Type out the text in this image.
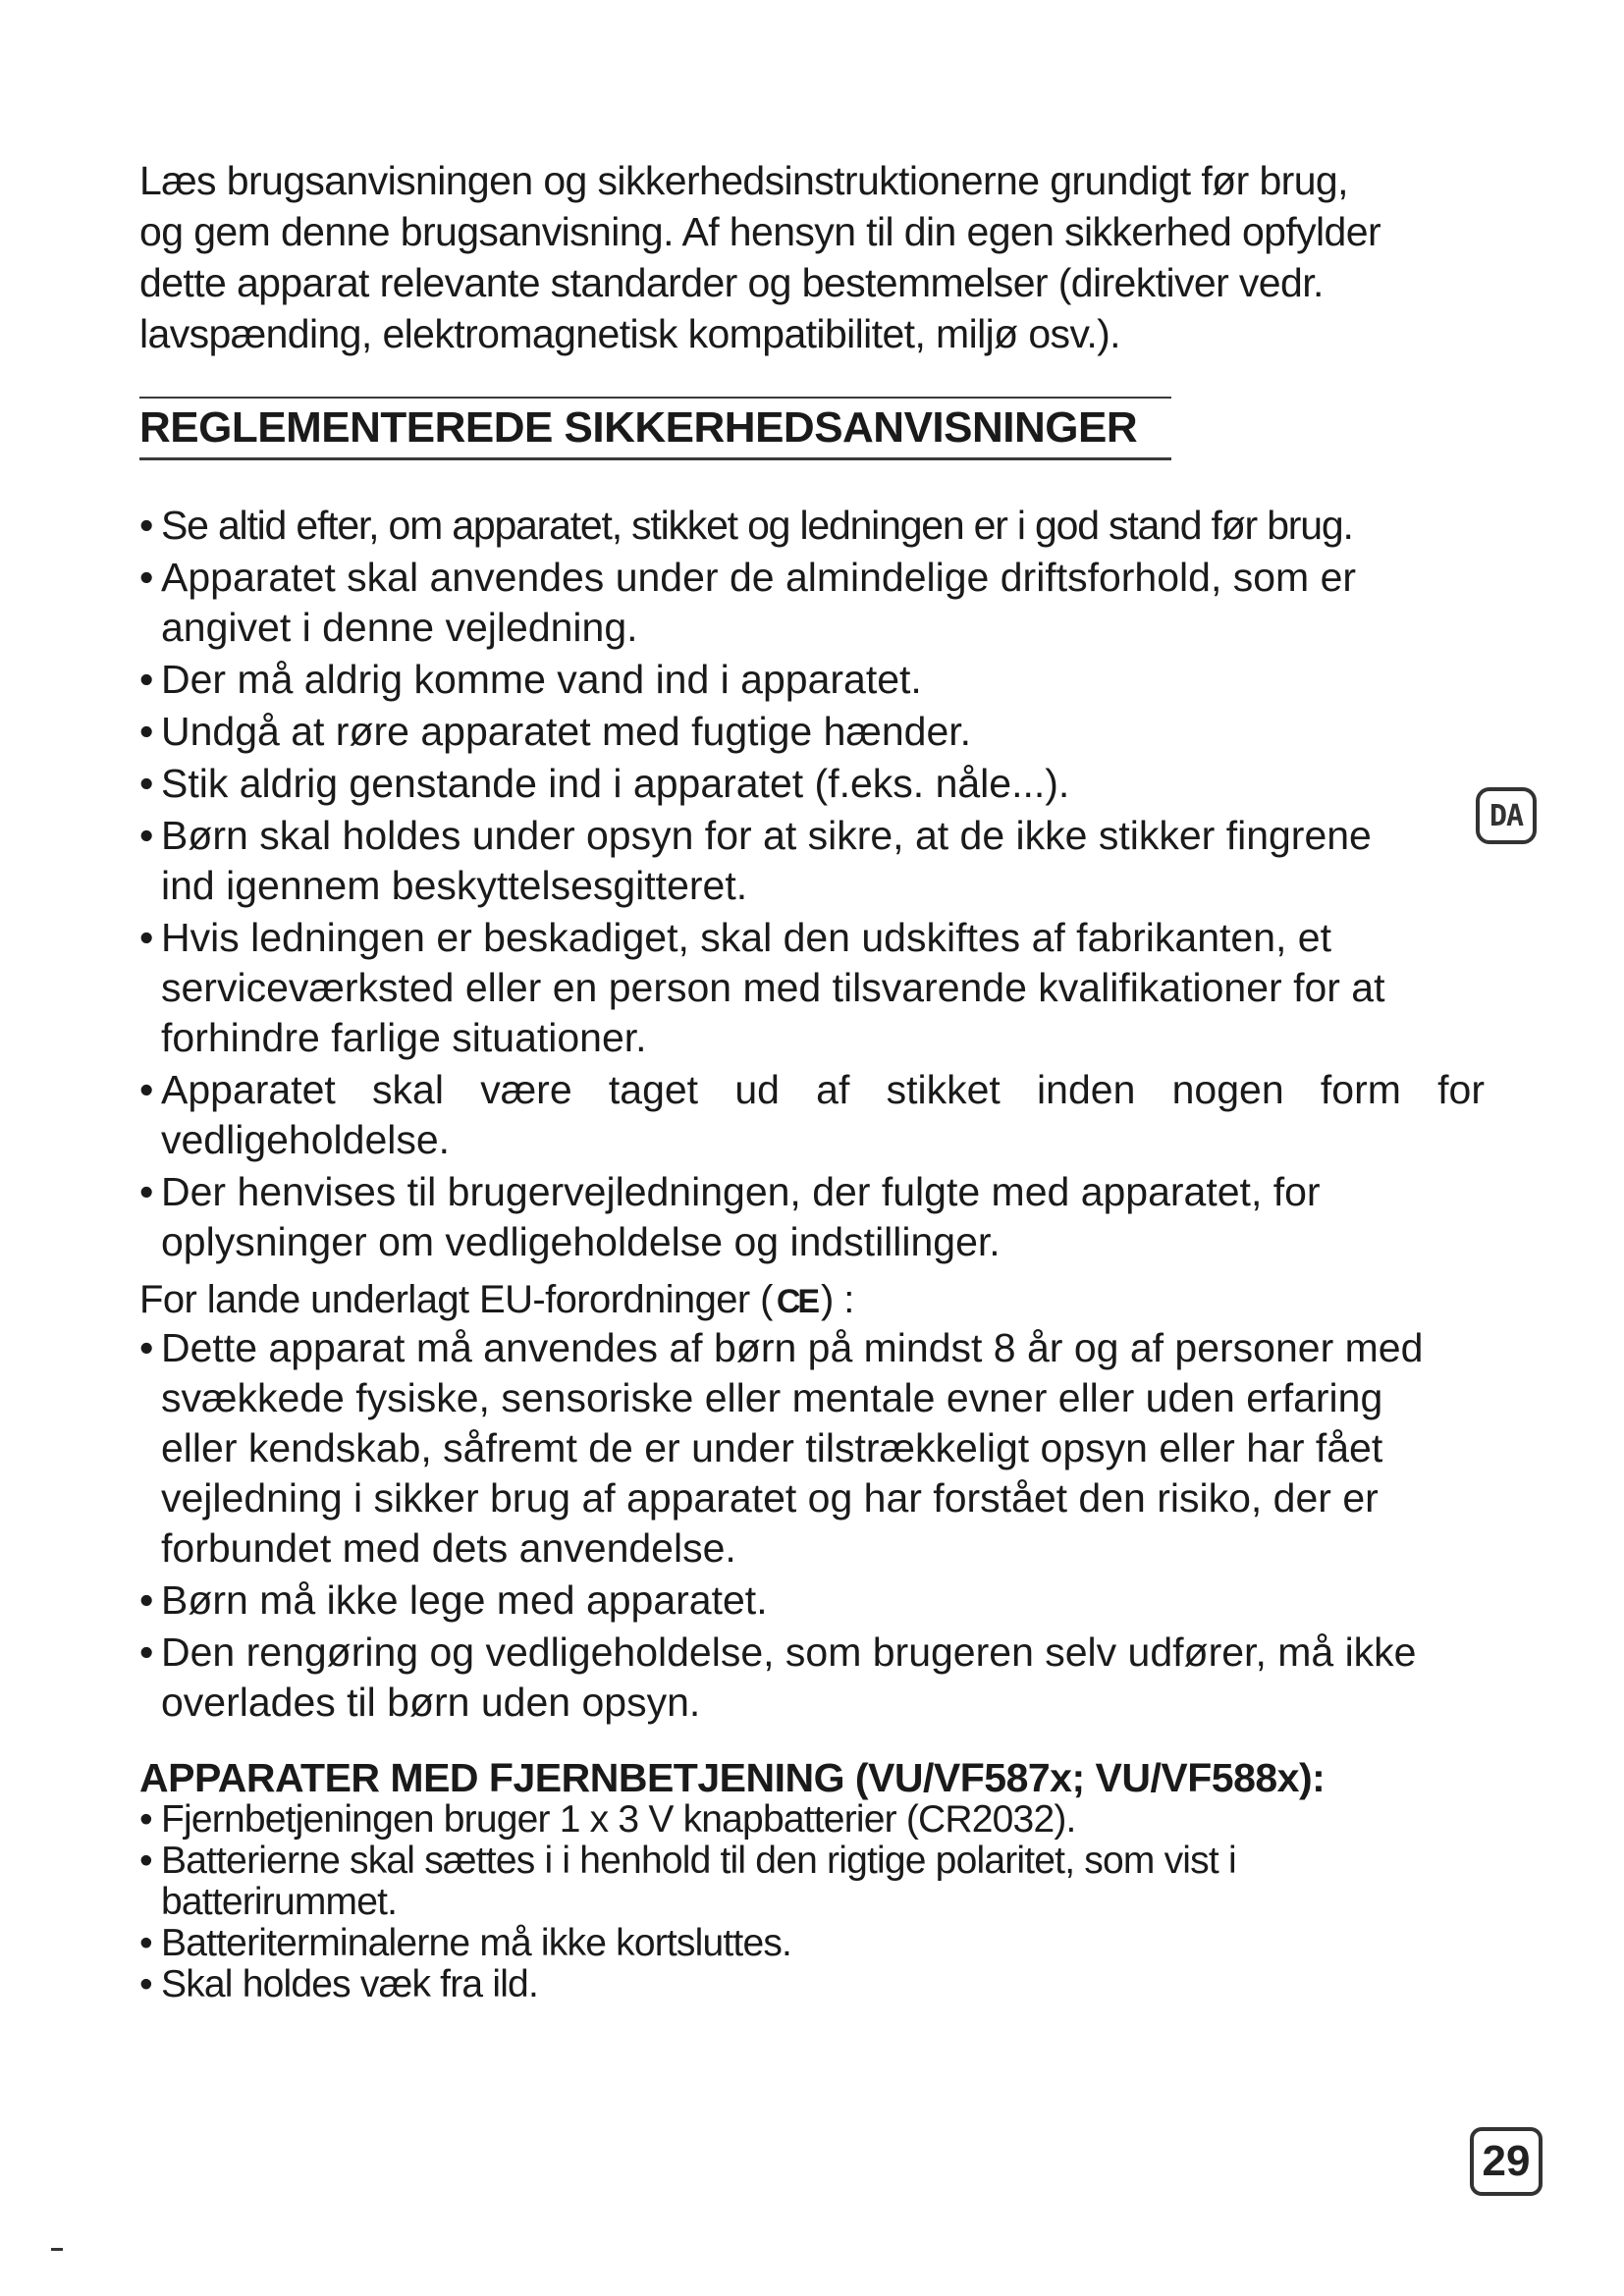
Læs brugsanvisningen og sikkerhedsinstruktionerne grundigt før brug,

og gem denne brugsanvisning. Af hensyn til din egen sikkerhed opfylder

dette apparat relevante standarder og bestemmelser (direktiver vedr.

lavspænding, elektromagnetisk kompatibilitet, miljø osv.).

REGLEMENTEREDE SIKKERHEDSANVISNINGER
• Se altid efter, om apparatet, stikket og ledningen er i god stand før brug.
• Apparatet skal anvendes under de almindelige driftsforhold, som er angivet i denne vejledning.
• Der må aldrig komme vand ind i apparatet.
• Undgå at røre apparatet med fugtige hænder.
• Stik aldrig genstande ind i apparatet (f.eks. nåle...).
• Børn skal holdes under opsyn for at sikre, at de ikke stikker fingrene ind igennem beskyttelsesgitteret.
• Hvis ledningen er beskadiget, skal den udskiftes af fabrikanten, et serviceværksted eller en person med tilsvarende kvalifikationer for at forhindre farlige situationer.
• Apparatet skal være taget ud af stikket inden nogen form for vedligeholdelse.
• Der henvises til brugervejledningen, der fulgte med apparatet, for oplysninger om vedligeholdelse og indstillinger.
For lande underlagt EU-forordninger ( CE ) :
• Dette apparat må anvendes af børn på mindst 8 år og af personer med svækkede fysiske, sensoriske eller mentale evner eller uden erfaring eller kendskab, såfremt de er under tilstrækkeligt opsyn eller har fået vejledning i sikker brug af apparatet og har forstået den risiko, der er forbundet med dets anvendelse.
• Børn må ikke lege med apparatet.
• Den rengøring og vedligeholdelse, som brugeren selv udfører, må ikke overlades til børn uden opsyn.
APPARATER MED FJERNBETJENING (VU/VF587x; VU/VF588x):
• Fjernbetjeningen bruger 1 x 3 V knapbatterier (CR2032).
• Batterierne skal sættes i i henhold til den rigtige polaritet, som vist i batterirummet.
• Batteriterminalerne må ikke kortsluttes.
• Skal holdes væk fra ild.
DA
29
